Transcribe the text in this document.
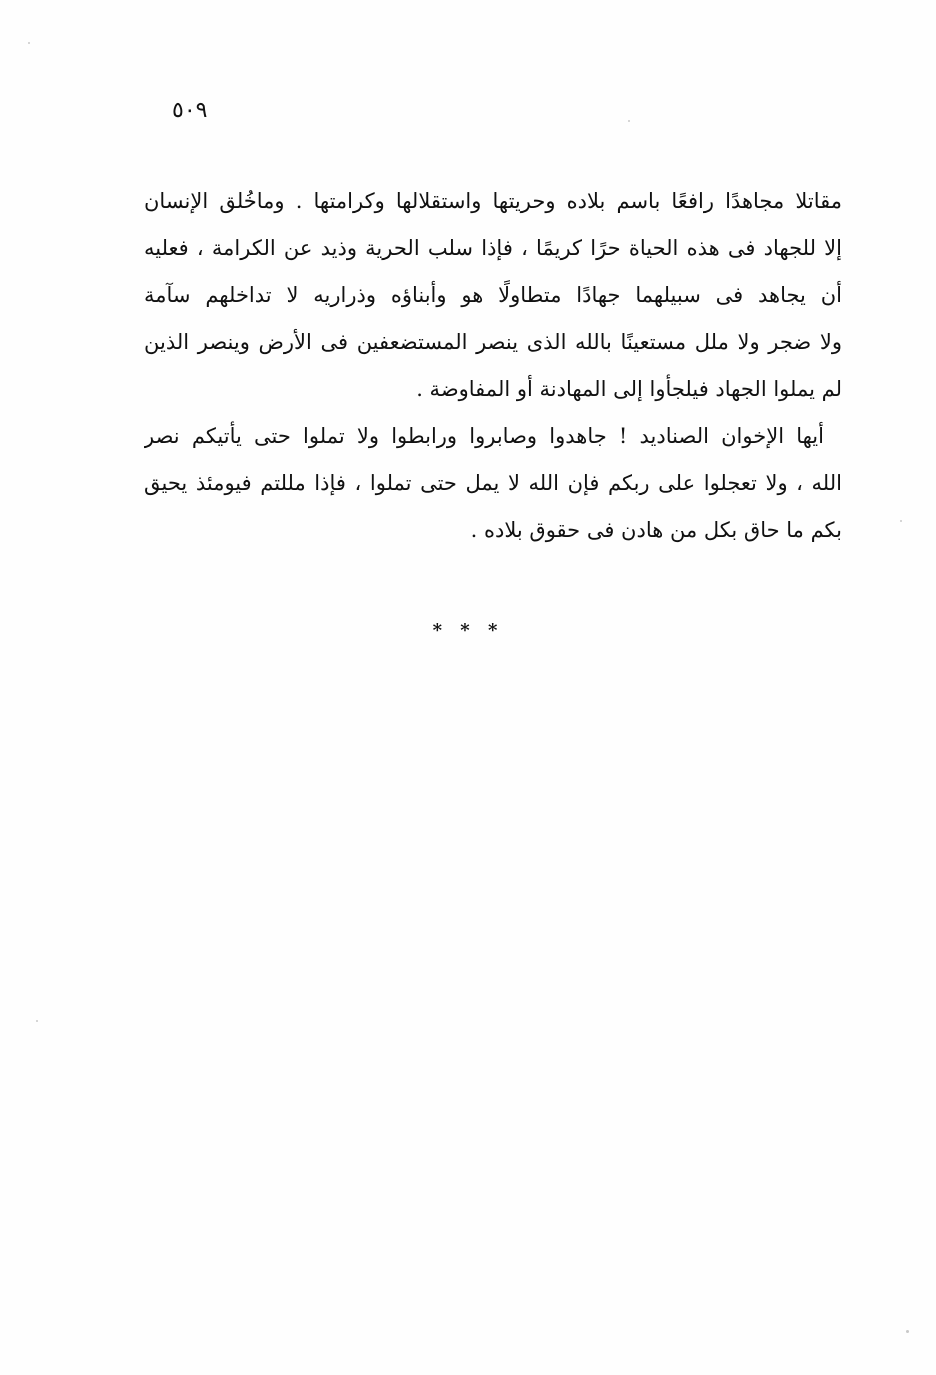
٥٠٩
مقاتلا مجاهدًا رافعًا باسم بلاده وحريتها واستقلالها وكرامتها . وماخُلق الإنسان
إلا للجهاد فى هذه الحياة حرًا كريمًا ، فإذا سلب الحرية وذيد عن الكرامة ، فعليه
أن يجاهد فى سبيلهما جهادًا متطاولًا هو وأبناؤه وذراريه لا تداخلهم سآمة
ولا ضجر ولا ملل مستعينًا بالله الذى ينصر المستضعفين فى الأرض وينصر الذين
لم يملوا الجهاد فيلجأوا إلى المهادنة أو المفاوضة .
أيها الإخوان الصناديد ! جاهدوا وصابروا ورابطوا ولا تملوا حتى يأتيكم نصر
الله ، ولا تعجلوا على ربكم فإن الله لا يمل حتى تملوا ، فإذا مللتم فيومئذ يحيق
بكم ما حاق بكل من هادن فى حقوق بلاده .
* * *
